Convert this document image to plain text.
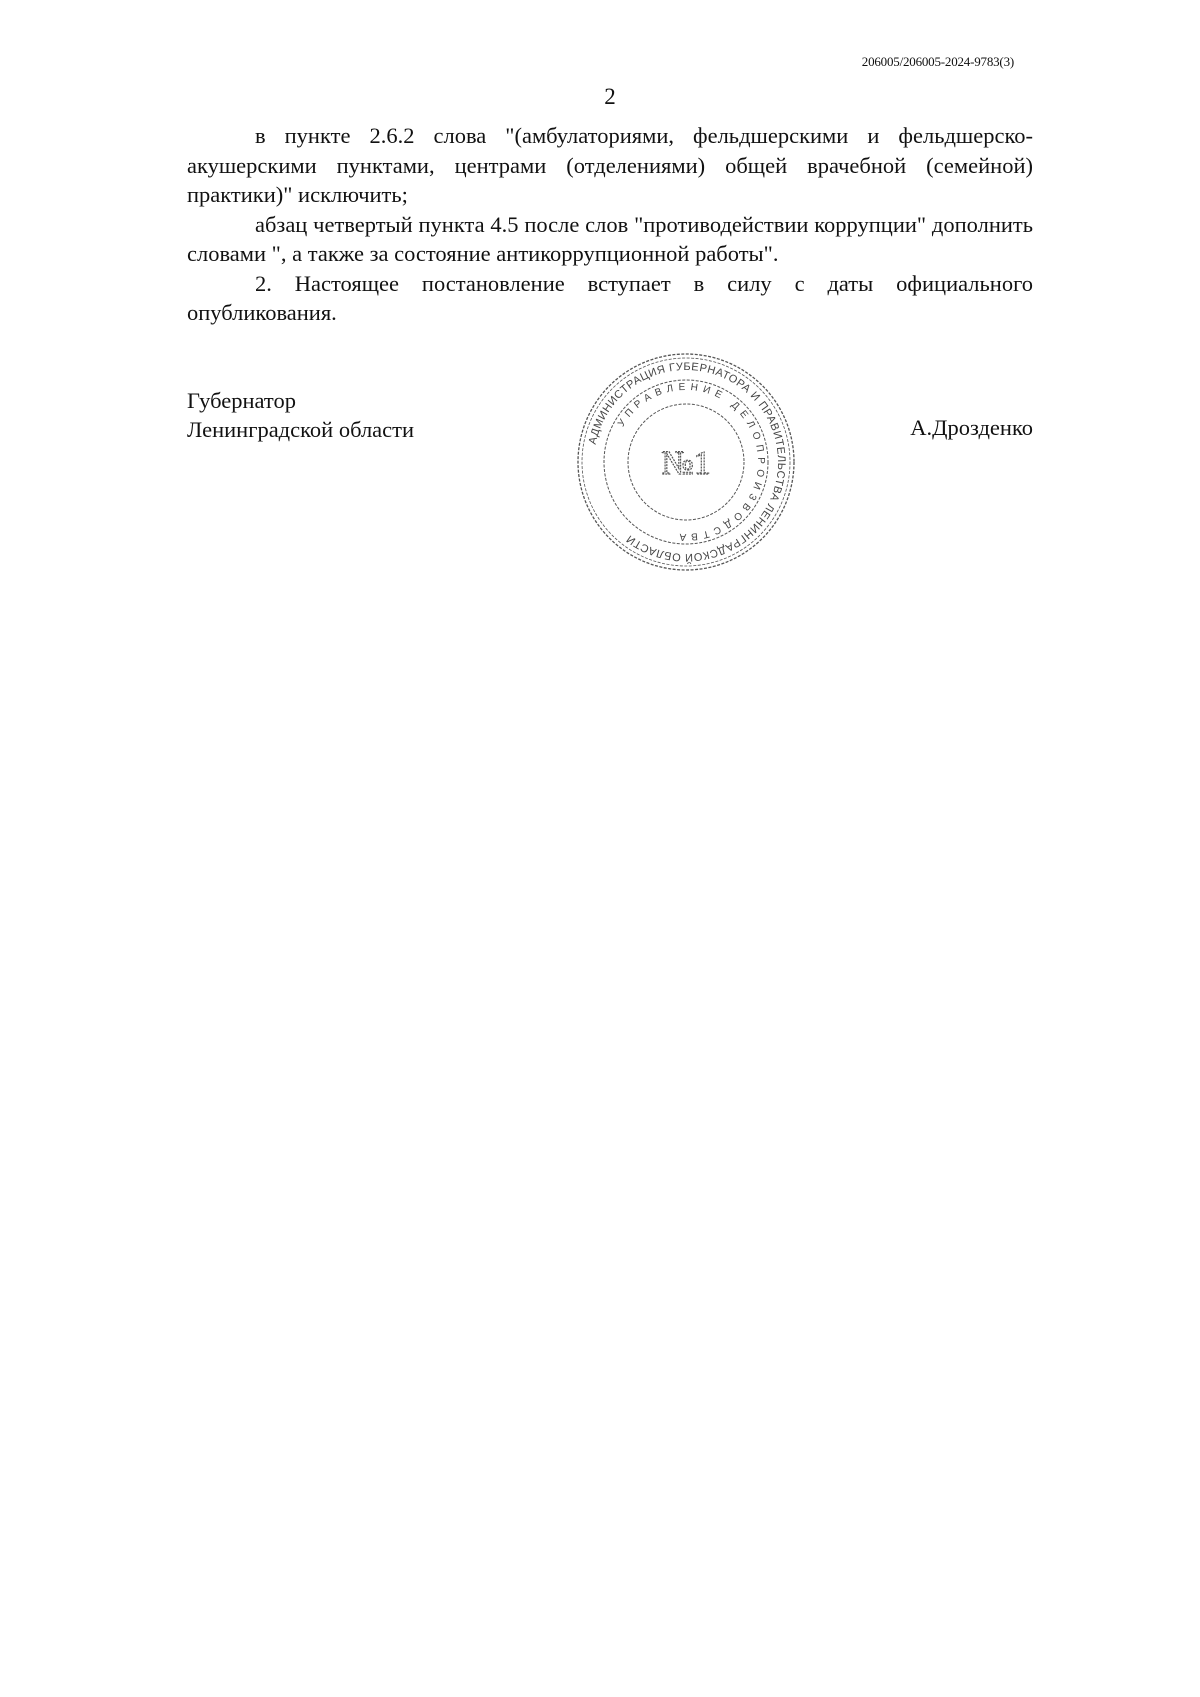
206005/206005-2024-9783(3)
2

в пункте 2.6.2 слова "(амбулаториями, фельдшерскими и фельдшерско-акушерскими пунктами, центрами (отделениями) общей врачебной (семейной) практики)" исключить;

абзац четвертый пункта 4.5 после слов "противодействии коррупции" дополнить словами ", а также за состояние антикоррупционной работы".

2. Настоящее постановление вступает в силу с даты официального опубликования.

Губернатор
Ленинградской области	А.Дрозденко
АДМИНИСТРАЦИЯ ГУБЕРНАТОРА И ПРАВИТЕЛЬСТВА ЛЕНИНГРАДСКОЙ ОБЛАСТИ
УПРАВЛЕНИЕ ДЕЛОПРОИЗВОДСТВА
№1
